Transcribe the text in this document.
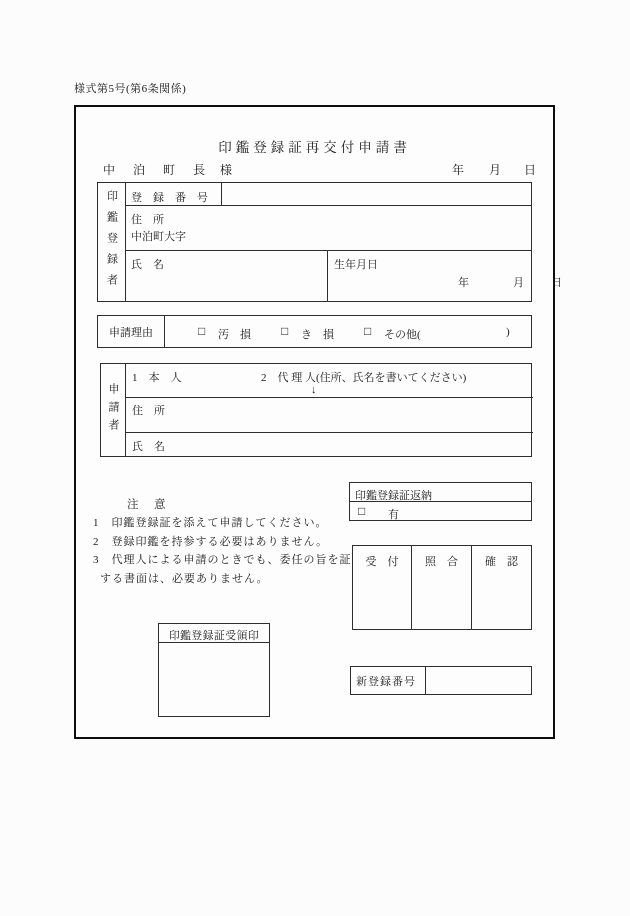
様式第5号(第6条関係)
印鑑登録証再交付申請書
中　泊　町　長 様	年 月 日
印鑑登録者 登　録　番　号
住　所
中泊町大字
氏　名	生年月日
年	月 日
申請理由	□ 汚　損	□ き　損	□ その他(	)
申請者
1　本　人	2　代 理 人(住所、氏名を書いてください)
↓
住　所
氏　名
注　意
1　印鑑登録証を添えて申請してください。
2　登録印鑑を持参する必要はありません。
3　代理人による申請のときでも、委任の旨を証
する書面は、必要ありません。
印鑑登録証返納
□ 有
受　付	照　合	確　認
印鑑登録証受領印
新登録番号
